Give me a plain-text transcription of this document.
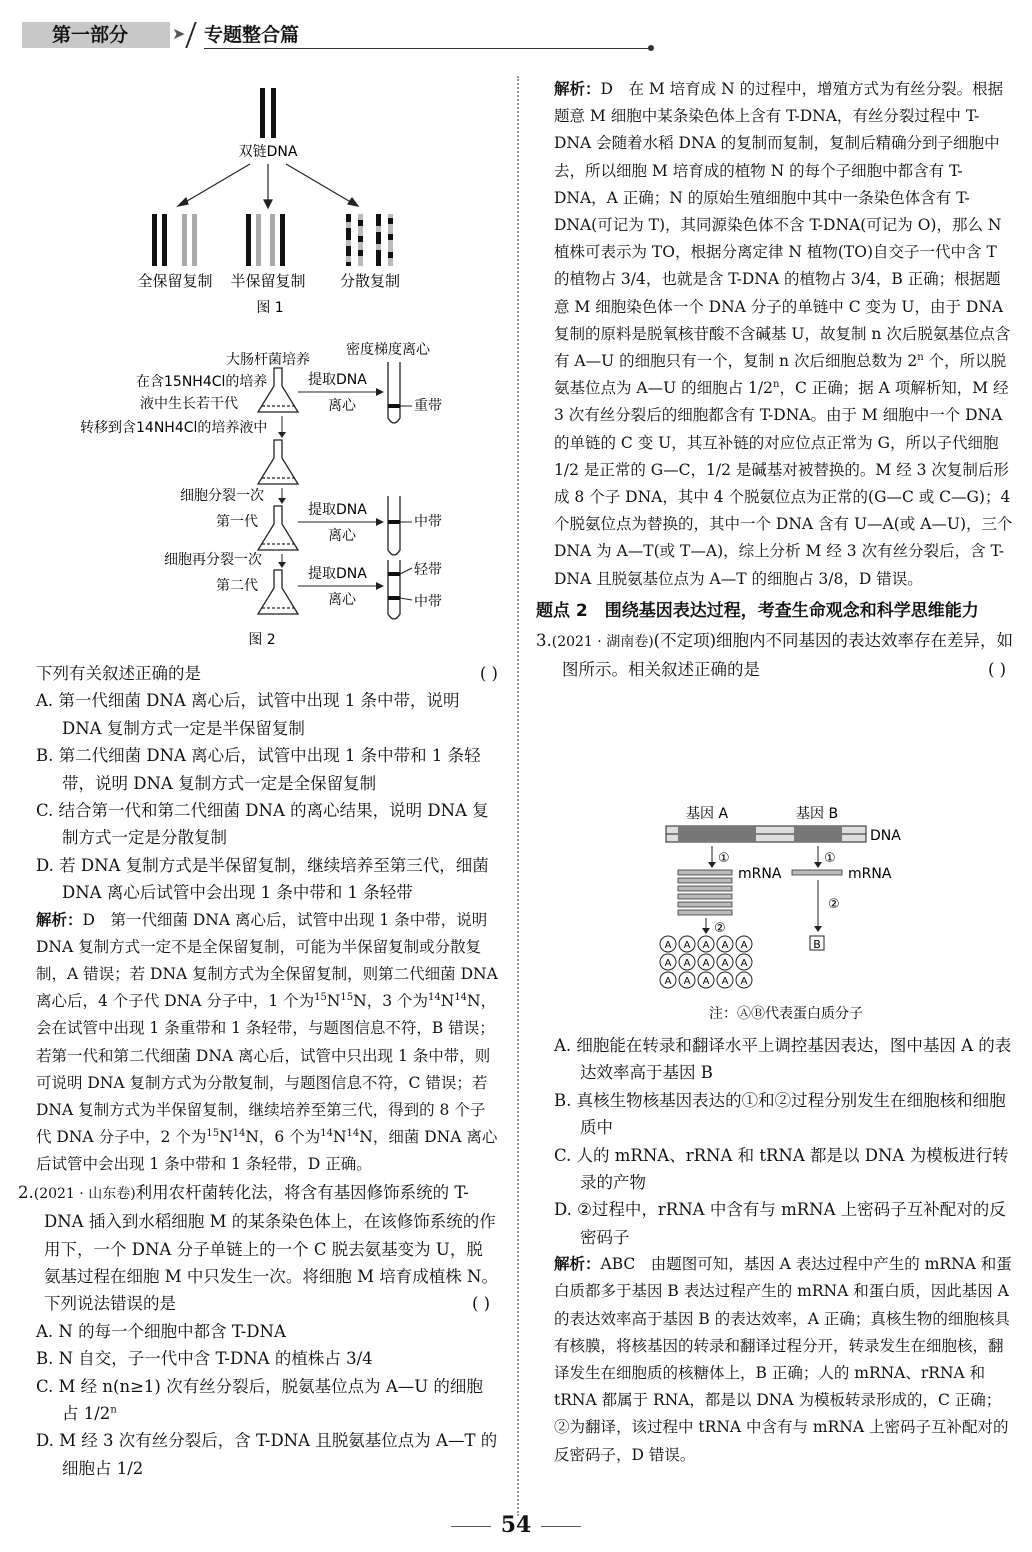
第一部分	➤ 专题整合篇
双链DNA
全保留复制 半保留复制 分散复制
图 1
大肠杆菌培养
密度梯度离心
在含15NH4Cl的培养
液中生长若干代
提取DNA
离心	重带
转移到含14NH4Cl的培养液中
细胞分裂一次
第一代
提取DNA
离心
中带
细胞再分裂一次
第二代
提取DNA
离心
轻带
中带
图 2

下列有关叙述正确的是	( )

A. 第一代细菌 DNA 离心后，试管中出现 1 条中带，说明 DNA 复制方式一定是半保留复制

B. 第二代细菌 DNA 离心后，试管中出现 1 条中带和 1 条轻带，说明 DNA 复制方式一定是全保留复制

C. 结合第一代和第二代细菌 DNA 的离心结果，说明 DNA 复制方式一定是分散复制

D. 若 DNA 复制方式是半保留复制，继续培养至第三代，细菌 DNA 离心后试管中会出现 1 条中带和 1 条轻带

解析：D　第一代细菌 DNA 离心后，试管中出现 1 条中带，说明 DNA 复制方式一定不是全保留复制，可能为半保留复制或分散复制，A 错误；若 DNA 复制方式为全保留复制，则第二代细菌 DNA 离心后，4 个子代 DNA 分子中，1 个为$^{15}N^{15}N$，3 个为$^{14}N^{14}N$，会在试管中出现 1 条重带和 1 条轻带，与题图信息不符，B 错误；若第一代和第二代细菌 DNA 离心后，试管中只出现 1 条中带，则可说明 DNA 复制方式为分散复制，与题图信息不符，C 错误；若 DNA 复制方式为半保留复制，继续培养至第三代，得到的 8 个子代 DNA 分子中，2 个为$^{15}N^{14}N$，6 个为$^{14}N^{14}N$，细菌 DNA 离心后试管中会出现 1 条中带和 1 条轻带，D 正确。

2.(2021 · 山东卷)利用农杆菌转化法，将含有基因修饰系统的 T-DNA 插入到水稻细胞 M 的某条染色体上，在该修饰系统的作用下，一个 DNA 分子单链上的一个 C 脱去氨基变为 U，脱氨基过程在细胞 M 中只发生一次。将细胞 M 培育成植株 N。下列说法错误的是	( )

A. N 的每一个细胞中都含 T-DNA

B. N 自交，子一代中含 T-DNA 的植株占 3/4

C. M 经 n(n≥1) 次有丝分裂后，脱氨基位点为 A—U 的细胞占 1/2$^n$

D. M 经 3 次有丝分裂后，含 T-DNA 且脱氨基位点为 A—T 的细胞占 1/2

解析：D　在 M 培育成 N 的过程中，增殖方式为有丝分裂。根据题意 M 细胞中某条染色体上含有 T-DNA，有丝分裂过程中 T-DNA 会随着水稻 DNA 的复制而复制，复制后精确分到子细胞中去，所以细胞 M 培育成的植物 N 的每个子细胞中都含有 T-DNA，A 正确；N 的原始生殖细胞中其中一条染色体含有 T-DNA(可记为 T)，其同源染色体不含 T-DNA(可记为 O)，那么 N 植株可表示为 TO，根据分离定律 N 植物(TO)自交子一代中含 T 的植物占 3/4，也就是含 T-DNA 的植物占 3/4，B 正确；根据题意 M 细胞染色体一个 DNA 分子的单链中 C 变为 U，由于 DNA 复制的原料是脱氧核苷酸不含碱基 U，故复制 n 次后脱氨基位点含有 A—U 的细胞只有一个，复制 n 次后细胞总数为 2$^n$ 个，所以脱氨基位点为 A—U 的细胞占 1/2$^n$，C 正确；据 A 项解析知，M 经 3 次有丝分裂后的细胞都含有 T-DNA。由于 M 细胞中一个 DNA 的单链的 C 变 U，其互补链的对应位点正常为 G，所以子代细胞 1/2 是正常的 G—C，1/2 是碱基对被替换的。M 经 3 次复制后形成 8 个子 DNA，其中 4 个脱氨位点为正常的(G—C 或 C—G)；4 个脱氨位点为替换的，其中一个 DNA 含有 U—A(或 A—U)，三个 DNA 为 A—T(或 T—A)，综上分析 M 经 3 次有丝分裂后，含 T-DNA 且脱氨基位点为 A—T 的细胞占 3/8，D 错误。

题点 2　围绕基因表达过程，考查生命观念和科学思维能力

3.(2021 · 湖南卷)(不定项)细胞内不同基因的表达效率存在差异，如图所示。相关叙述正确的是	( )

基因 A	基因 B
DNA
①	①
mRNA	mRNA
②
②
A A A A A
A A A A A
A A A A A
B
注：ⒶⒷ代表蛋白质分子

A. 细胞能在转录和翻译水平上调控基因表达，图中基因 A 的表达效率高于基因 B

B. 真核生物核基因表达的①和②过程分别发生在细胞核和细胞质中

C. 人的 mRNA、rRNA 和 tRNA 都是以 DNA 为模板进行转录的产物

D. ②过程中，rRNA 中含有与 mRNA 上密码子互补配对的反密码子

解析：ABC　由题图可知，基因 A 表达过程中产生的 mRNA 和蛋白质都多于基因 B 表达过程产生的 mRNA 和蛋白质，因此基因 A 的表达效率高于基因 B 的表达效率，A 正确；真核生物的细胞核具有核膜，将核基因的转录和翻译过程分开，转录发生在细胞核，翻译发生在细胞质的核糖体上，B 正确；人的 mRNA、rRNA 和 tRNA 都属于 RNA，都是以 DNA 为模板转录形成的，C 正确；②为翻译，该过程中 tRNA 中含有与 mRNA 上密码子互补配对的反密码子，D 错误。

54
